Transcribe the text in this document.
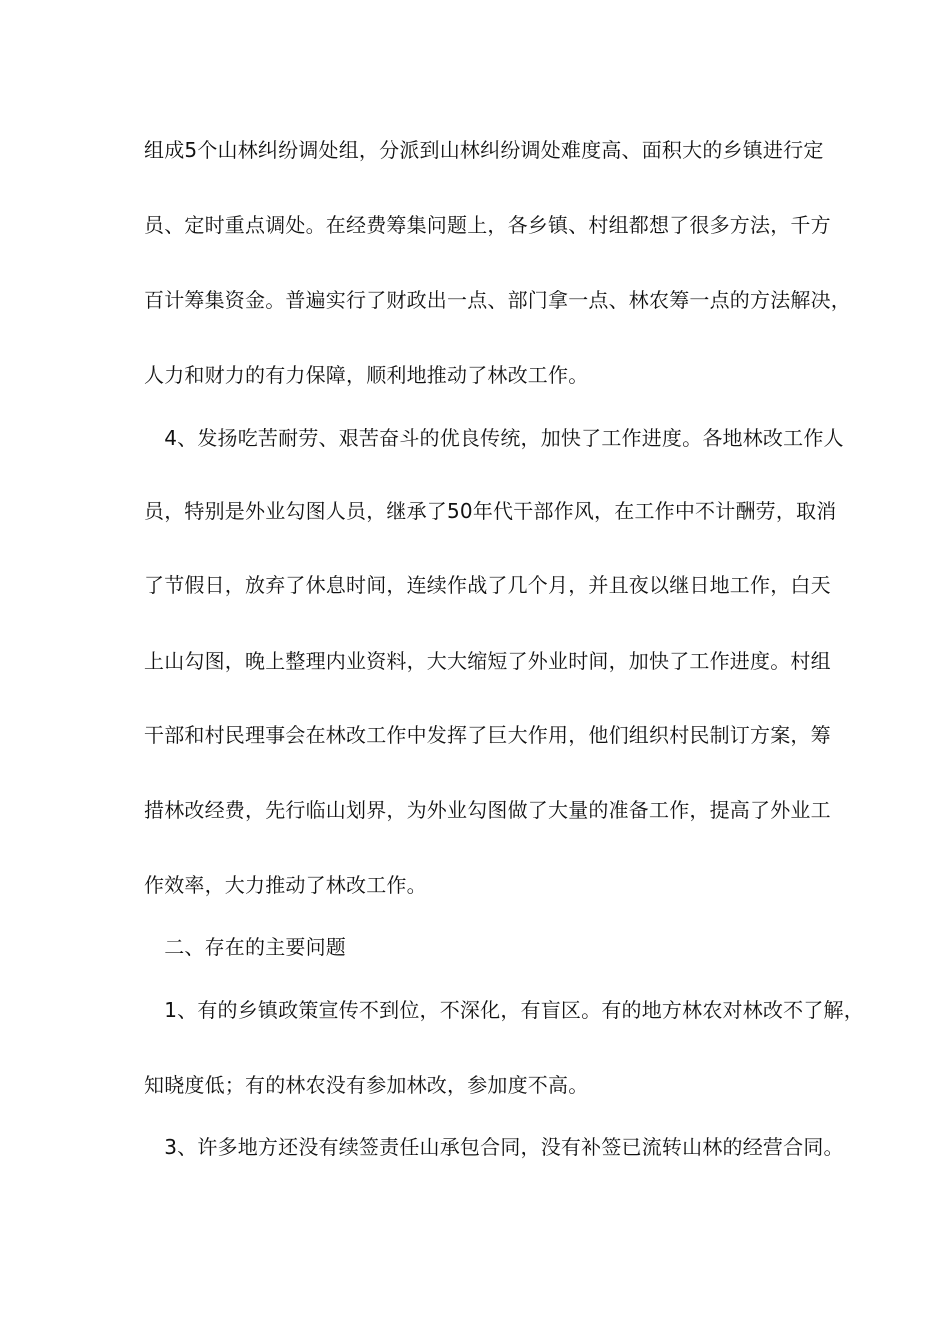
组成5个山林纠纷调处组，分派到山林纠纷调处难度高、面积大的乡镇进行定
员、定时重点调处。在经费筹集问题上，各乡镇、村组都想了很多方法，千方
百计筹集资金。普遍实行了财政出一点、部门拿一点、林农筹一点的方法解决，
人力和财力的有力保障，顺利地推动了林改工作。
　4、发扬吃苦耐劳、艰苦奋斗的优良传统，加快了工作进度。各地林改工作人
员，特别是外业勾图人员，继承了50年代干部作风，在工作中不计酬劳，取消
了节假日，放弃了休息时间，连续作战了几个月，并且夜以继日地工作，白天
上山勾图，晚上整理内业资料，大大缩短了外业时间，加快了工作进度。村组
干部和村民理事会在林改工作中发挥了巨大作用，他们组织村民制订方案，筹
措林改经费，先行临山划界，为外业勾图做了大量的准备工作，提高了外业工
作效率，大力推动了林改工作。
　二、存在的主要问题
　1、有的乡镇政策宣传不到位，不深化，有盲区。有的地方林农对林改不了解，
知晓度低；有的林农没有参加林改，参加度不高。
　3、许多地方还没有续签责任山承包合同，没有补签已流转山林的经营合同。
